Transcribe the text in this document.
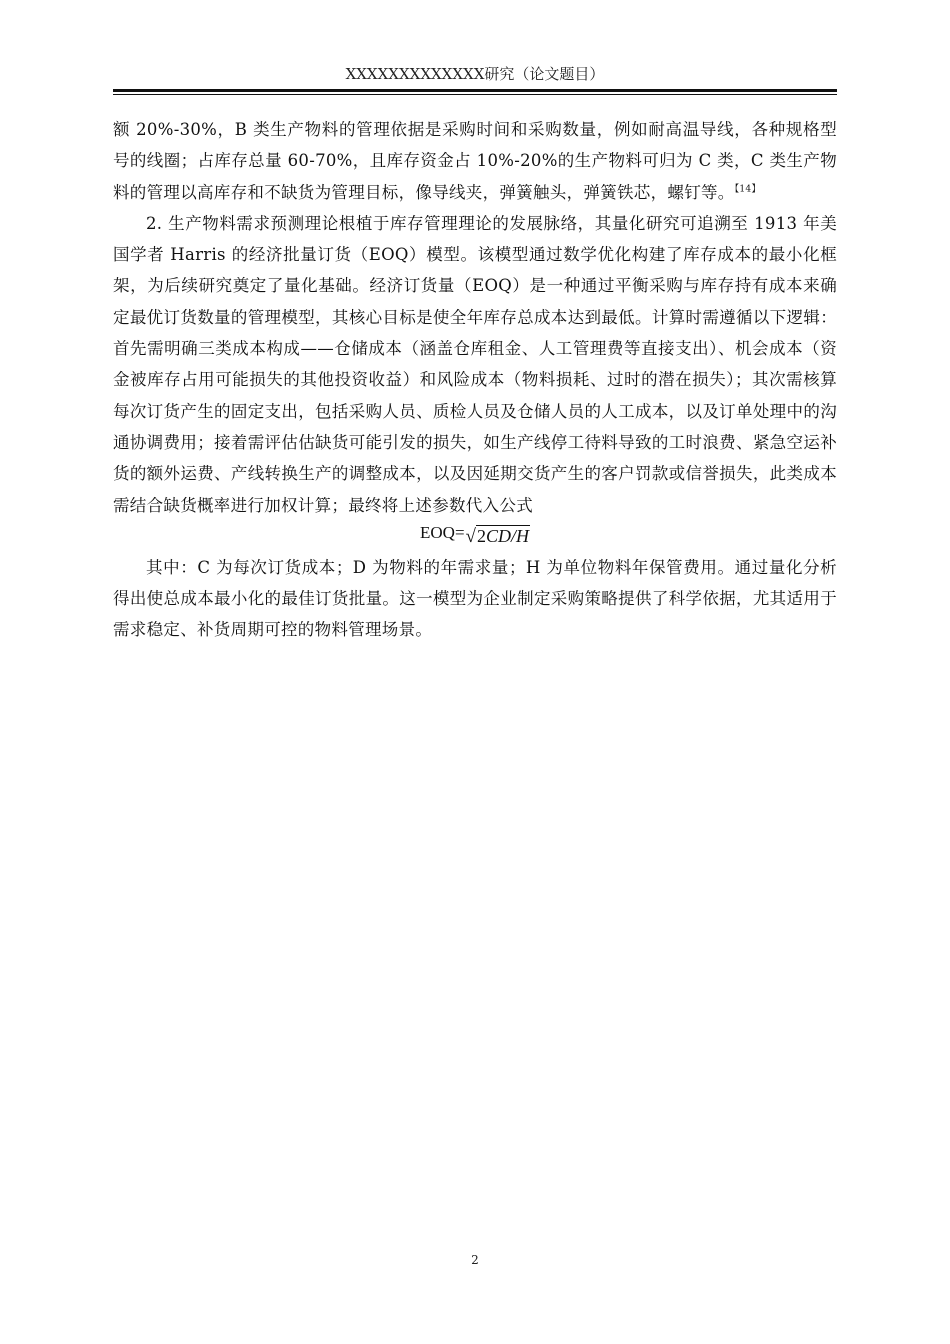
XXXXXXXXXXXXX研究（论文题目）

额 20%-30%，B 类生产物料的管理依据是采购时间和采购数量，例如耐高温导线，各种规格型号的线圈；占库存总量 60-70%，且库存资金占 10%-20%的生产物料可归为 C 类，C 类生产物料的管理以高库存和不缺货为管理目标，像导线夹，弹簧触头，弹簧铁芯，螺钉等。$^{【14】}$

2. 生产物料需求预测理论根植于库存管理理论的发展脉络，其量化研究可追溯至 1913 年美国学者 Harris 的经济批量订货（EOQ）模型。该模型通过数学优化构建了库存成本的最小化框架，为后续研究奠定了量化基础。经济订货量（EOQ）是一种通过平衡采购与库存持有成本来确定最优订货数量的管理模型，其核心目标是使全年库存总成本达到最低。计算时需遵循以下逻辑：首先需明确三类成本构成——仓储成本（涵盖仓库租金、人工管理费等直接支出）、机会成本（资金被库存占用可能损失的其他投资收益）和风险成本（物料损耗、过时的潜在损失）；其次需核算每次订货产生的固定支出，包括采购人员、质检人员及仓储人员的人工成本，以及订单处理中的沟通协调费用；接着需评估估缺货可能引发的损失，如生产线停工待料导致的工时浪费、紧急空运补货的额外运费、产线转换生产的调整成本，以及因延期交货产生的客户罚款或信誉损失，此类成本需结合缺货概率进行加权计算；最终将上述参数代入公式

EOQ=√2CD/H

其中：C 为每次订货成本；D 为物料的年需求量；H 为单位物料年保管费用。通过量化分析得出使总成本最小化的最佳订货批量。这一模型为企业制定采购策略提供了科学依据，尤其适用于需求稳定、补货周期可控的物料管理场景。

2
